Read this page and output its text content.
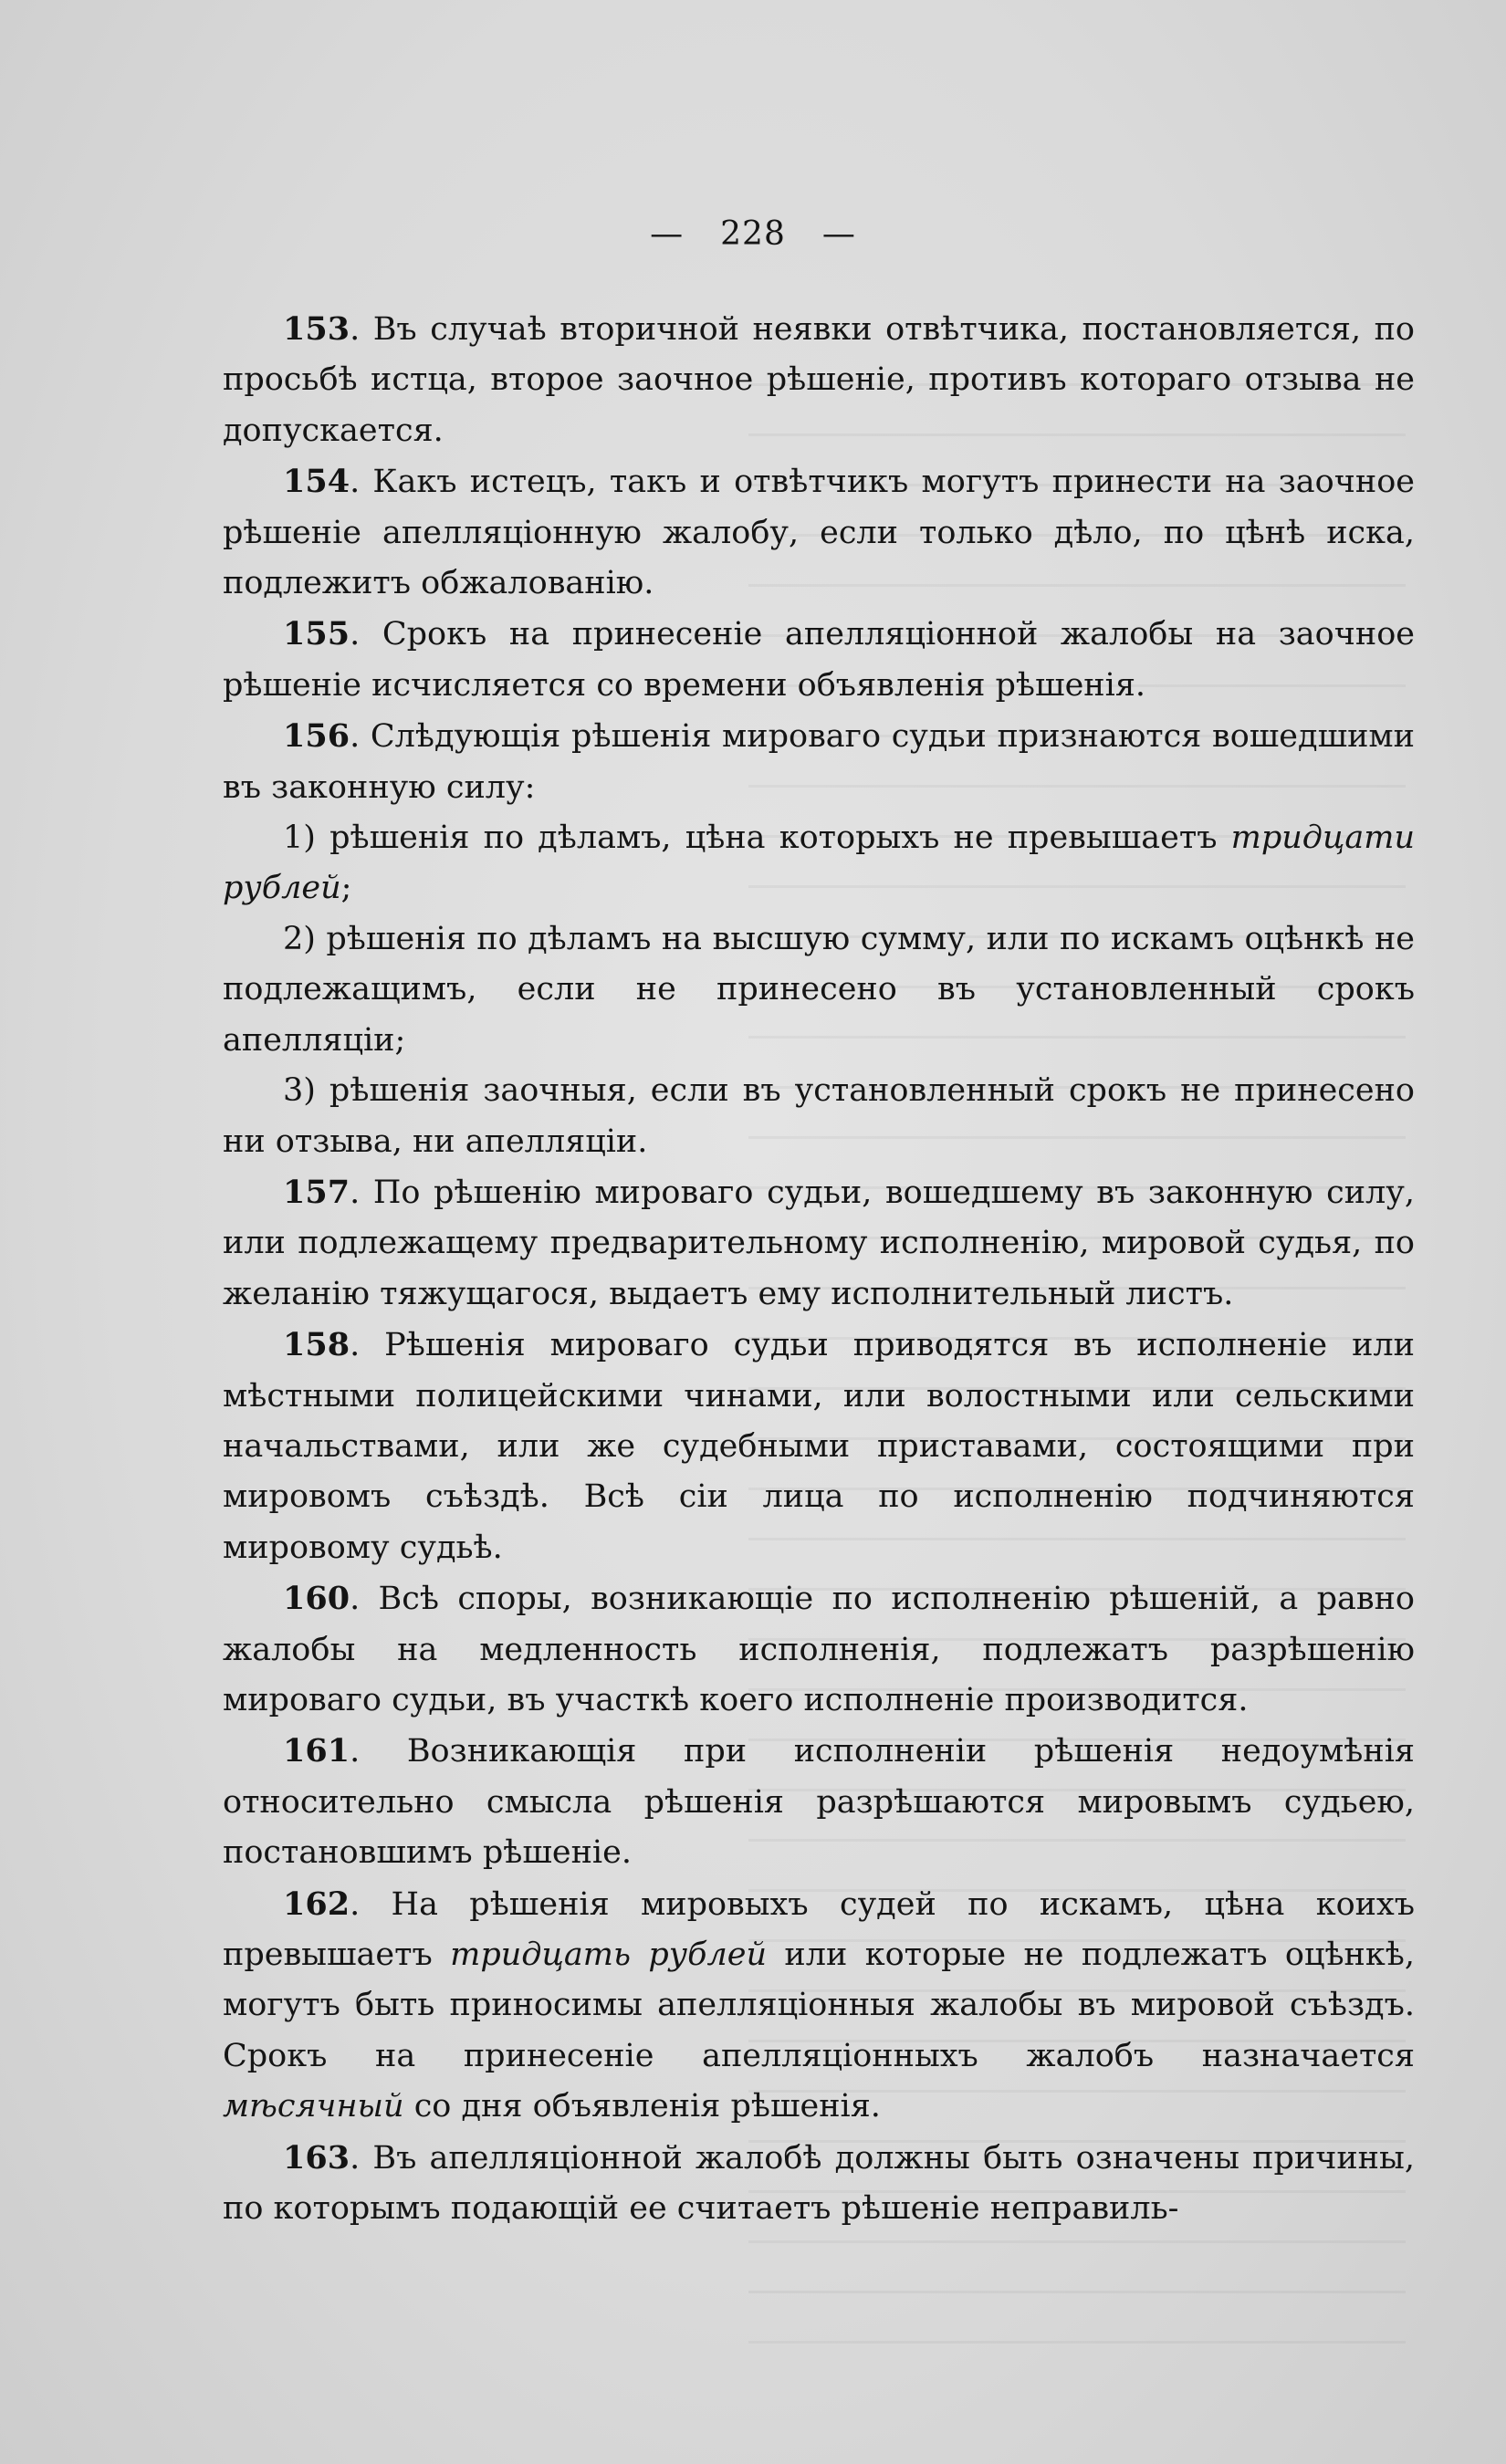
— 228 —

153. Въ случаѣ вторичной неявки отвѣтчика, постановляется, по просьбѣ истца, второе заочное рѣшеніе, противъ котораго отзыва не допускается.

154. Какъ истецъ, такъ и отвѣтчикъ могутъ принести на заочное рѣшеніе апелляціонную жалобу, если только дѣло, по цѣнѣ иска, подлежитъ обжалованію.

155. Срокъ на принесеніе апелляціонной жалобы на заочное рѣшеніе исчисляется со времени объявленія рѣшенія.

156. Слѣдующія рѣшенія мироваго судьи признаются вошедшими въ законную силу:

1) рѣшенія по дѣламъ, цѣна которыхъ не превышаетъ тридцати рублей;

2) рѣшенія по дѣламъ на высшую сумму, или по искамъ оцѣнкѣ не подлежащимъ, если не принесено въ установленный срокъ апелляціи;

3) рѣшенія заочныя, если въ установленный срокъ не принесено ни отзыва, ни апелляціи.

157. По рѣшенію мироваго судьи, вошедшему въ законную силу, или подлежащему предварительному исполненію, мировой судья, по желанію тяжущагося, выдаетъ ему исполнительный листъ.

158. Рѣшенія мироваго судьи приводятся въ исполненіе или мѣстными полицейскими чинами, или волостными или сельскими начальствами, или же судебными приставами, состоящими при мировомъ съѣздѣ. Всѣ сіи лица по исполненію подчиняются мировому судьѣ.

160. Всѣ споры, возникающіе по исполненію рѣшеній, а равно жалобы на медленность исполненія, подлежатъ разрѣшенію мироваго судьи, въ участкѣ коего исполненіе производится.

161. Возникающія при исполненіи рѣшенія недоумѣнія относительно смысла рѣшенія разрѣшаются мировымъ судьею, постановшимъ рѣшеніе.

162. На рѣшенія мировыхъ судей по искамъ, цѣна коихъ превышаетъ тридцать рублей или которые не подлежатъ оцѣнкѣ, могутъ быть приносимы апелляціонныя жалобы въ мировой съѣздъ. Срокъ на принесеніе апелляціонныхъ жалобъ назначается мѣсячный со дня объявленія рѣшенія.

163. Въ апелляціонной жалобѣ должны быть означены причины, по которымъ подающій ее считаетъ рѣшеніе неправиль-
